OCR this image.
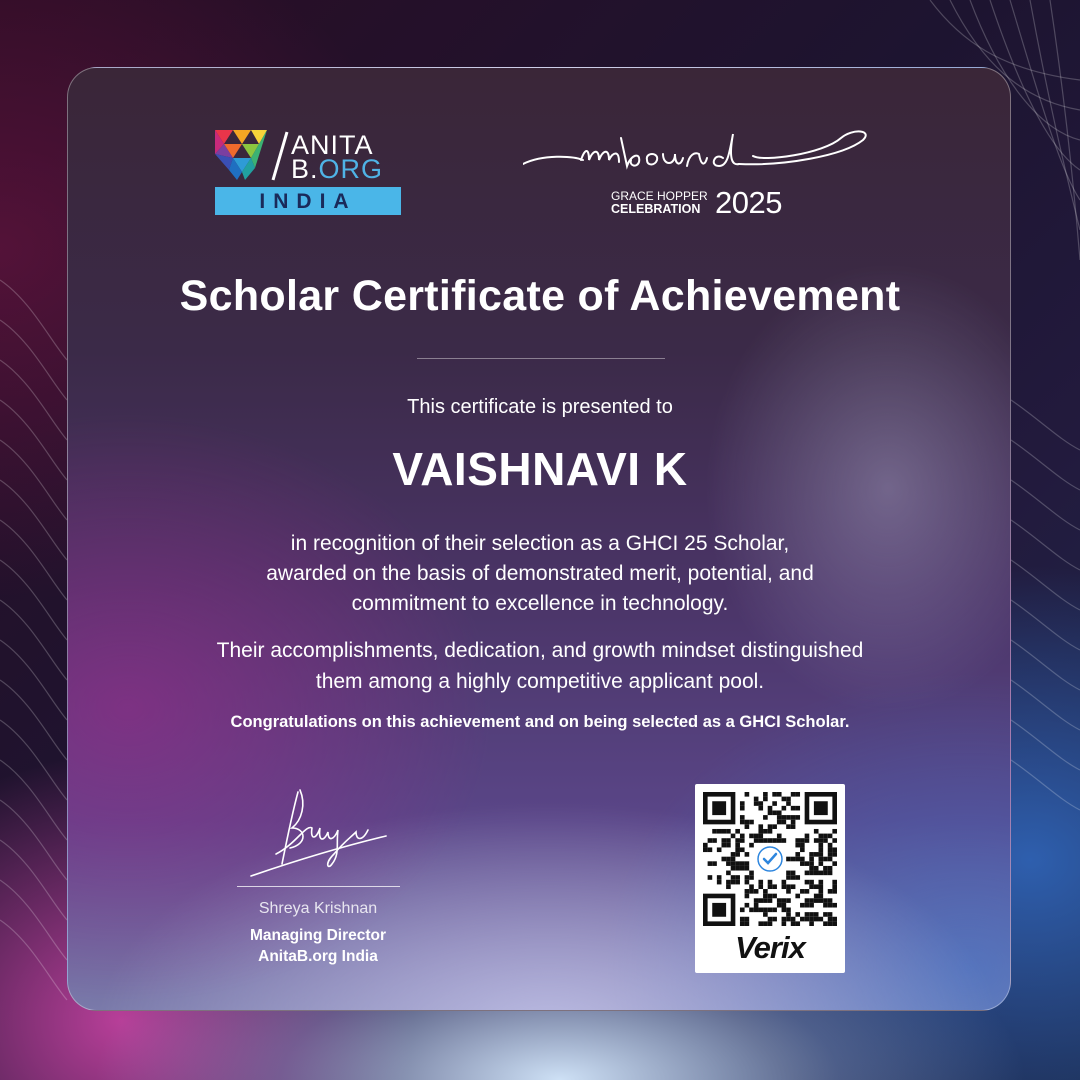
ANITA
B.ORG
INDIA	GRACE HOPPER
CELEBRATION 2025
Scholar Certificate of Achievement
This certificate is presented to
VAISHNAVI K
in recognition of their selection as a GHCI 25 Scholar,
awarded on the basis of demonstrated merit, potential, and
commitment to excellence in technology.
Their accomplishments, dedication, and growth mindset distinguished
them among a highly competitive applicant pool.
Congratulations on this achievement and on being selected as a GHCI Scholar.
Shreya Krishnan
Managing Director
AnitaB.org India	Verix
